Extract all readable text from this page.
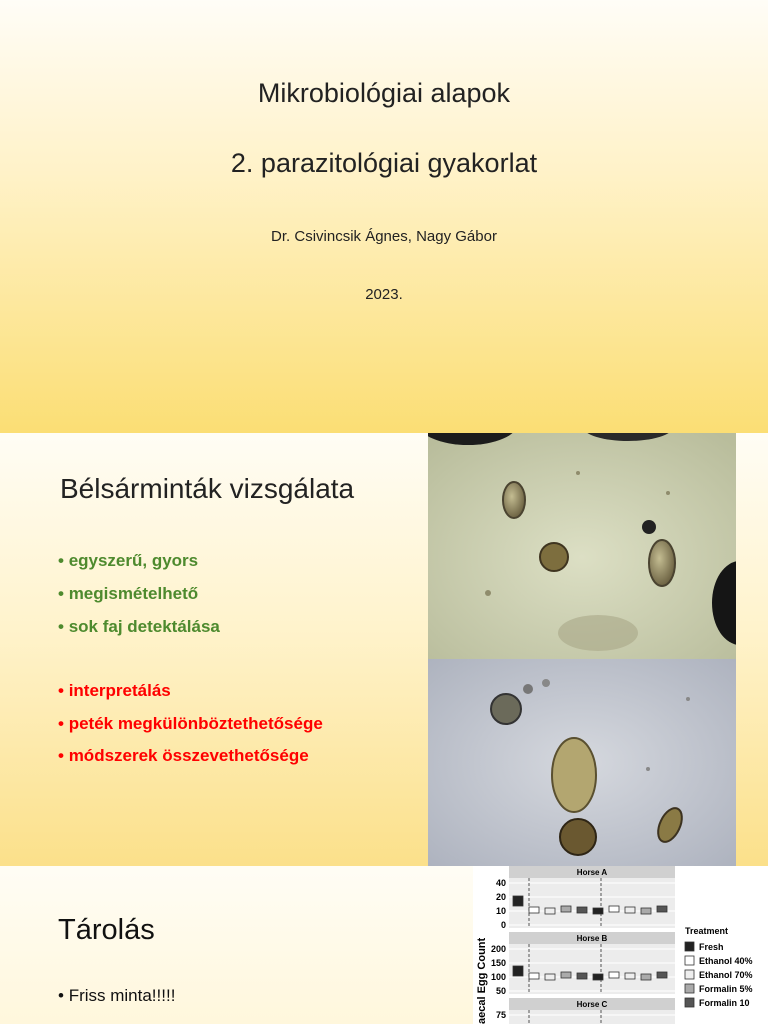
Mikrobiológiai alapok
2. parazitológiai gyakorlat
Dr. Csivincsik Ágnes, Nagy Gábor
2023.
Bélsárminták vizsgálata
• egyszerű, gyors
• megismételhető
• sok faj detektálása
• interpretálás
• peték megkülönböztethetősége
• módszerek összevethetősége
Tárolás
• Friss minta!!!!!	aecal Egg Count
Horse A
40
20
10
0
Horse B
200
150
100
50
Horse C
75
Treatment
Fresh
Ethanol 40%
Ethanol 70%
Formalin 5%
Formalin 10
